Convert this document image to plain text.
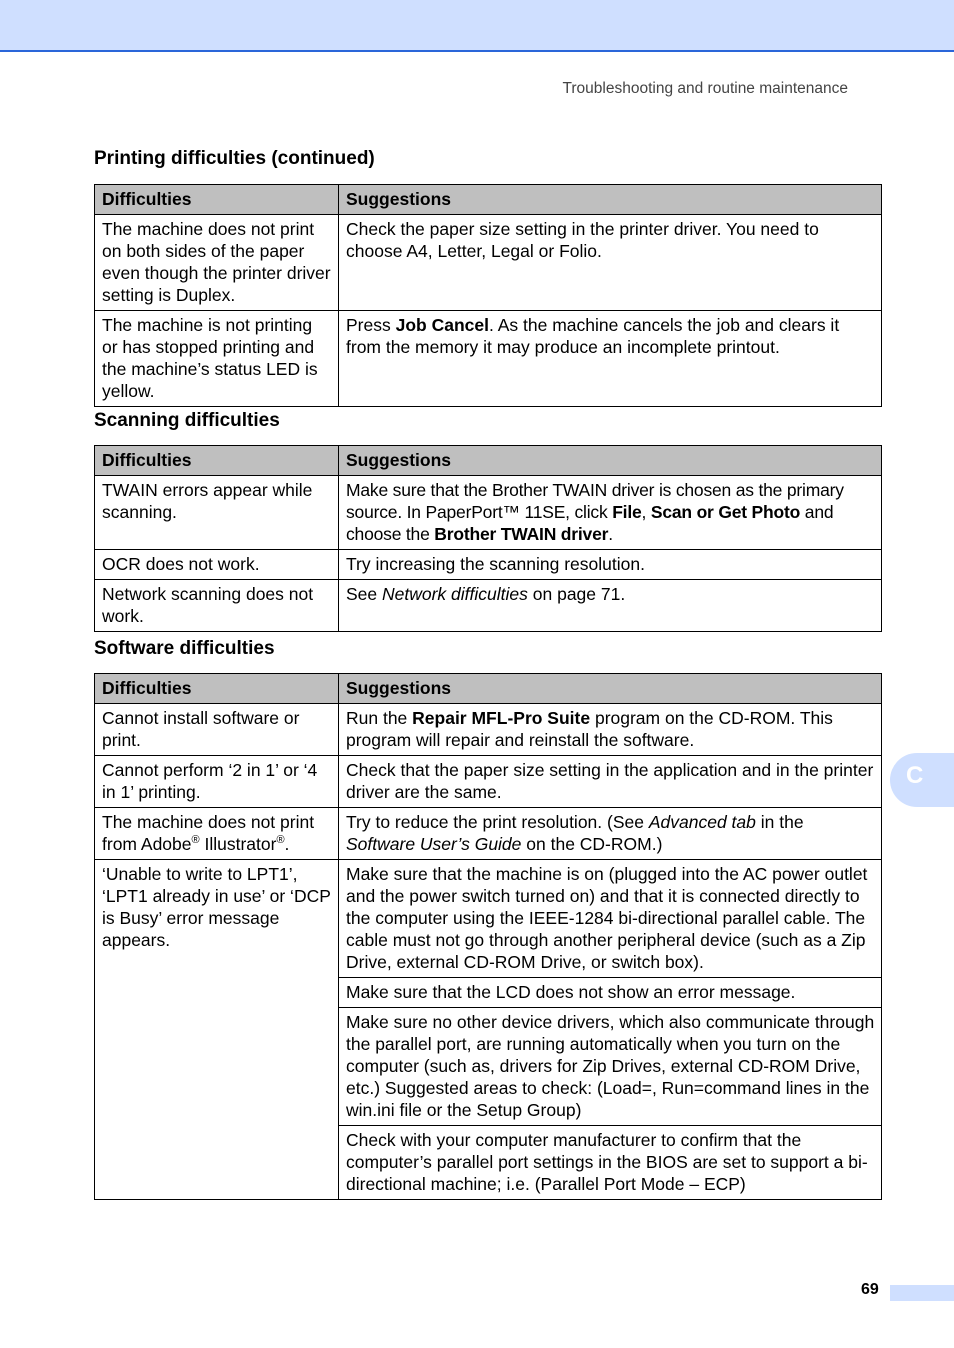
Troubleshooting and routine maintenance
Printing difficulties (continued)
Difficulties	Suggestions
The machine does not print on both sides of the paper even though the printer driver setting is Duplex.	Check the paper size setting in the printer driver. You need to choose A4, Letter, Legal or Folio.
The machine is not printing or has stopped printing and the machine’s status LED is yellow.	Press Job Cancel. As the machine cancels the job and clears it from the memory it may produce an incomplete printout.
Scanning difficulties
Difficulties	Suggestions
TWAIN errors appear while scanning.	Make sure that the Brother TWAIN driver is chosen as the primary source. In PaperPort™ 11SE, click File, Scan or Get Photo and choose the Brother TWAIN driver.
OCR does not work.	Try increasing the scanning resolution.
Network scanning does not work.	See Network difficulties on page 71.
Software difficulties
Difficulties	Suggestions
Cannot install software or print.	Run the Repair MFL-Pro Suite program on the CD-ROM. This program will repair and reinstall the software.
Cannot perform ‘2 in 1’ or ‘4 in 1’ printing.	Check that the paper size setting in the application and in the printer driver are the same.
The machine does not print from Adobe® Illustrator®.	Try to reduce the print resolution. (See Advanced tab in the Software User’s Guide on the CD-ROM.)
‘Unable to write to LPT1’, ‘LPT1 already in use’ or ‘DCP is Busy’ error message appears.	Make sure that the machine is on (plugged into the AC power outlet and the power switch turned on) and that it is connected directly to the computer using the IEEE-1284 bi-directional parallel cable. The cable must not go through another peripheral device (such as a Zip Drive, external CD-ROM Drive, or switch box).
	Make sure that the LCD does not show an error message.
	Make sure no other device drivers, which also communicate through the parallel port, are running automatically when you turn on the computer (such as, drivers for Zip Drives, external CD-ROM Drive, etc.) Suggested areas to check: (Load=, Run=command lines in the win.ini file or the Setup Group)
	Check with your computer manufacturer to confirm that the computer’s parallel port settings in the BIOS are set to support a bi-directional machine; i.e. (Parallel Port Mode – ECP)
C
69
